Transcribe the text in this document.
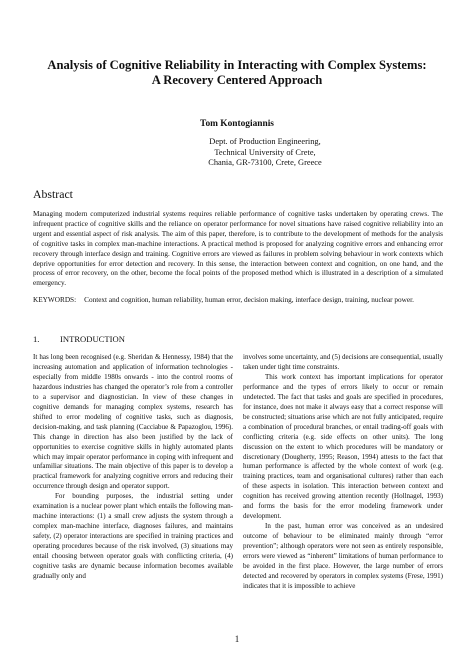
Analysis of Cognitive Reliability in Interacting with Complex Systems:
A Recovery Centered Approach
Tom Kontogiannis
Dept. of Production Engineering,
Technical University of Crete,
Chania, GR-73100, Crete, Greece
Abstract

Managing modern computerized industrial systems requires reliable performance of cognitive tasks undertaken by operating crews. The infrequent practice of cognitive skills and the reliance on operator performance for novel situations have raised cognitive reliability into an urgent and essential aspect of risk analysis. The aim of this paper, therefore, is to contribute to the development of methods for the analysis of cognitive tasks in complex man-machine interactions. A practical method is proposed for analyzing cognitive errors and enhancing error recovery through interface design and training. Cognitive errors are viewed as failures in problem solving behaviour in work contexts which deprive opportunities for error detection and recovery. In this sense, the interaction between context and cognition, on one hand, and the process of error recovery, on the other, become the focal points of the proposed method which is illustrated in a description of a simulated emergency.

KEYWORDS: Context and cognition, human reliability, human error, decision making, interface design, training, nuclear power.

1. INTRODUCTION

It has long been recognised (e.g. Sheridan & Hennessy, 1984) that the increasing automation and application of information technologies - especially from middle 1980s onwards - into the control rooms of hazardous industries has changed the operator’s role from a controller to a supervisor and diagnostician. In view of these changes in cognitive demands for managing complex systems, research has shifted to error modeling of cognitive tasks, such as diagnosis, decision-making, and task planning (Cacciabue & Papazoglou, 1996). This change in direction has also been justified by the lack of opportunities to exercise cognitive skills in highly automated plants which may impair operator performance in coping with infrequent and unfamiliar situations. The main objective of this paper is to develop a practical framework for analyzing cognitive errors and reducing their occurrence through design and operator support.

For bounding purposes, the industrial setting under examination is a nuclear power plant which entails the following man-machine interactions: (1) a small crew adjusts the system through a complex man-machine interface, diagnoses failures, and maintains safety, (2) operator interactions are specified in training practices and operating procedures because of the risk involved, (3) situations may entail choosing between operator goals with conflicting criteria, (4) cognitive tasks are dynamic because information becomes available gradually only and

involves some uncertainty, and (5) decisions are consequential, usually taken under tight time constraints.

This work context has important implications for operator performance and the types of errors likely to occur or remain undetected. The fact that tasks and goals are specified in procedures, for instance, does not make it always easy that a correct response will be constructed; situations arise which are not fully anticipated, require a combination of procedural branches, or entail trading-off goals with conflicting criteria (e.g. side effects on other units). The long discussion on the extent to which procedures will be mandatory or discretionary (Dougherty, 1995; Reason, 1994) attests to the fact that human performance is affected by the whole context of work (e.g. training practices, team and organisational cultures) rather than each of these aspects in isolation. This interaction between context and cognition has received growing attention recently (Hollnagel, 1993) and forms the basis for the error modeling framework under development.

In the past, human error was conceived as an undesired outcome of behaviour to be eliminated mainly through “error prevention”; although operators were not seen as entirely responsible, errors were viewed as “inherent” limitations of human performance to be avoided in the first place. However, the large number of errors detected and recovered by operators in complex systems (Frese, 1991) indicates that it is impossible to achieve

1
